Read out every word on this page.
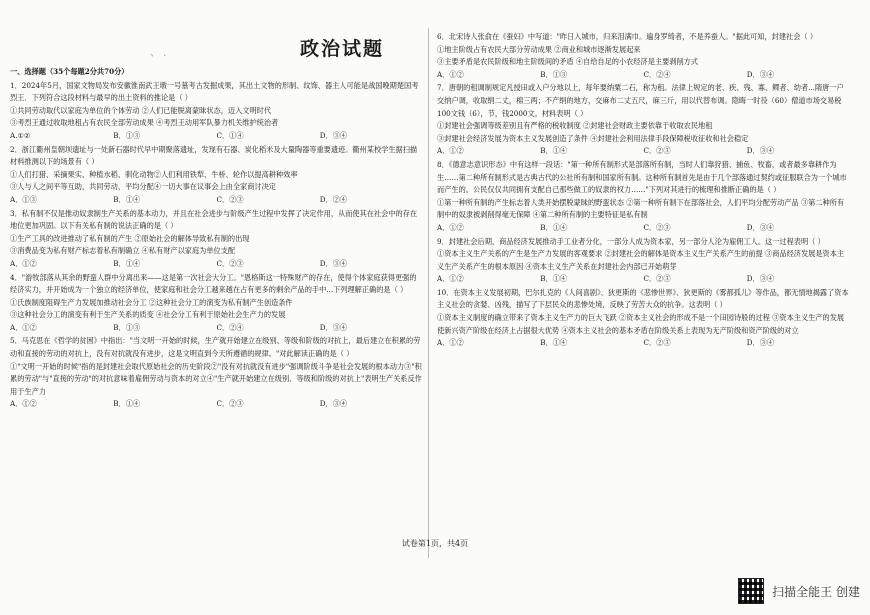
、 .	政治试题

一、选择题（35个每题2分共70分）

1．2024年5月，国家文物局发布安徽淮南武王墩一号墓考古发掘成果，其出土文物的形制、纹饰、器主人可能是战国晚期楚国考烈王．下列符合这段材料与最早的出土资料的推论是（ ）

①共同劳动取代以家庭为单位的个体劳动 ②人们已能脱离蒙昧状态，迈入文明时代

③考烈王通过收取地租占有农民全部劳动成果 ④考烈王动用军队暴力机关维护统治者

A.①②	B．①③	C．①④	D．③④

2．浙江衢州皇朝坝遗址与一处新石器时代早中期聚落遗址，发现有石器、炭化稻米及大量陶器等重要遗迹。衢州某校学生据扫描材料推测以下的场景有（ ）

①人们打猎、采摘果实、种植水稻、驯化动物②人们利用铁犁、牛桥、轮作以提高耕种效率

③人与人之间平等互助，共同劳动，平均分配④一切大事在议事会上由全家商讨决定

A．①③	B．①④	C．②③	D．②④

3．私有制不仅是推动奴隶制生产关系的基本动力，并且在社会进步与阶级产生过程中发挥了决定作用，从而使其在社会中的存在地位更加巩固。以下有关私有制的说法正确的是（ ）

①生产工具的改进推动了私有制的产生 ②原始社会的解体导致私有制的出现

③消费品变为私有财产标志着私有制确立 ④私有财产以家庭为单位支配

A．①②	B．①④	C．②③	D．③④

4．"游牧部落从其余的野蛮人群中分离出来——这是第一次社会大分工。"恩格斯这一特殊财产的存在，使得个体家庭获得更强的经济实力，并开始成为一个独立的经济单位，使家庭和社会分工越来越在占有更多的剩余产品的手中...下列理解正确的是（ ）

①氏族制度阻碍生产力发展加推动社会分工 ②这种社会分工的演变为私有制产生创造条件

③这种社会分工的演变有利于生产关系的质变 ④社会分工有利于原始社会生产力的发展

A．①②	B．①③	C．②④	D．③④

5．马克思在《哲学的贫困》中指出："当文明一开始的时候，生产就开始建立在级别、等级和阶级的对抗上，最后建立在积累的劳动和直接的劳动的对抗上，没有对抗就没有进步，这是文明直到今天所遵循的规律。"对此解读正确的是（ ）

①"文明一开始的时候"指的是封建社会取代原始社会的历史阶段②"没有对抗就没有进步"强调阶级斗争是社会发展的根本动力③"积累的劳动"与"直接的劳动"的对抗意味着雇佣劳动与资本的对立④"生产就开始建立在级别、等级和阶级的对抗上"表明生产关系反作用于生产力

A．①②	B．①④	C．②③	D．③④

6．北宋诗人张俞在《蚕妇》中写道："昨日入城市，归来泪满巾。遍身罗绮者，不是养蚕人。"据此可知，封建社会（ ）

①地主阶级占有农民大部分劳动成果 ②商业和城市逐渐发展起来

③主要矛盾是农民阶级和地主阶级间的矛盾 ④自给自足的小农经济是主要剥削方式

A．①②	B．①③	C．②④	D．③④

7．唐朝的租调制规定凡授田或入户分地以上，每年要纳粟二石，称为租。法律上规定的老、疾、残、寡、鳏者、幼者...隋唐一户交纳户调，收取绢二丈，棉三两；不产绢的地方，交麻布二丈五尺，麻三斤，用以代替布调。隐晦一时役（60）僧道市场交易税100文钱（6），节，钱2000文。材料表明（ ）

①封建社会强调等级差别且有严格的税收制度 ②封建社会财政主要依靠于收取农民地租

③封建社会经济发展为资本主义发展创造了条件 ④封建社会利用法律手段保障税收征收和社会稳定

A．①②	B．①④	C．②③	D．③④

8．《德意志意识形态》中有这样一段话："第一种所有制形式是部落所有制，当时人们靠狩猎、捕鱼、牧畜，或者最多靠耕作为生……第二种所有制形式是古典古代的公社所有制和国家所有制。这种所有制首先是由于几个部落通过契约或征服联合为一个城市而产生的。公民仅仅共同拥有支配自己那些做工的奴隶的权力……"下列对其进行的梳理和推断正确的是（ ）

①第一种所有制的产生标志着人类开始摆脱蒙昧的野蛮状态 ②第一种所有制下在部落社会，人们平均分配劳动产品 ③第二种所有制中的奴隶被剥削得毫无保障 ④第二种所有制的主要特征是私有制

A．①②	B．①④	C．②③	D．③④

9．封建社会后期，商品经济发展推动手工业者分化，一部分人成为资本家，另一部分人沦为雇佣工人。这一过程表明（ ）

①资本主义生产关系的产生是生产力发展的客观要求 ②封建社会的解体是资本主义生产关系产生的前提 ③商品经济发展是资本主义生产关系产生的根本原因 ④资本主义生产关系在封建社会内部已开始萌芽

A．①②	B．①④	C．②③	D．③④

10．在资本主义发展初期，巴尔扎克的《人间喜剧》、狄更斯的《悲惨世界》、狄更斯的《雾都孤儿》等作品，都无情地揭露了资本主义社会的贪婪、凶残，描写了下层民众的悲惨处境，反映了劳苦大众的抗争。这表明（ ）

①资本主义制度的确立带来了资本主义生产力的巨大飞跃 ②资本主义社会的形成不是一个田园诗般的过程 ③资本主义生产的发展使新兴资产阶级在经济上占据很大优势 ④资本主义社会的基本矛盾在阶级关系上表现为无产阶级和资产阶级的对立

A．①②	B．①④	C．②③	D．③④
试卷第1页，共4页
扫描全能王 创建
